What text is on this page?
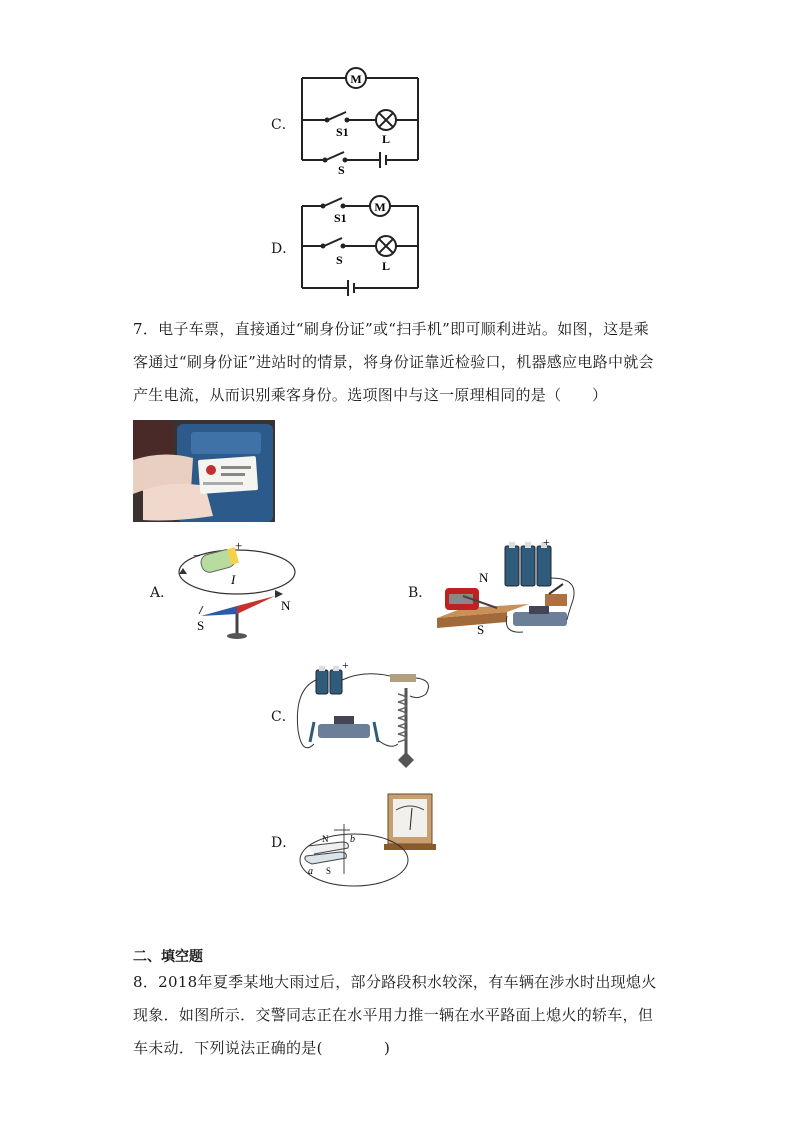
C．
M
S1	L
S
D．
M
S1
S	L
7．电子车票，直接通过“刷身份证”或“扫手机”即可顺利进站。如图，这是乘客通过“刷身份证”进站时的情景，将身份证靠近检验口，机器感应电路中就会产生电流，从而识别乘客身份。选项图中与这一原理相同的是（　　）
A．
I
+
−
S
N
B．
N
S
+
C．
+
D．	N
S
a
b
二、填空题
8．2018年夏季某地大雨过后，部分路段积水较深，有车辆在涉水时出现熄火现象．如图所示．交警同志正在水平用力推一辆在水平路面上熄火的轿车，但车未动．下列说法正确的是(　　　　)
